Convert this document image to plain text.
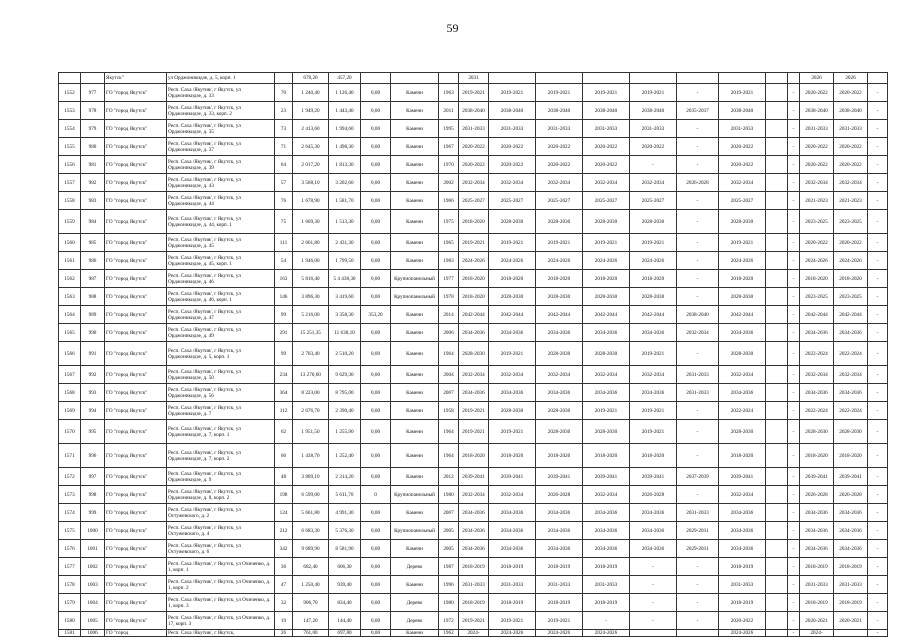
59
		Якутск"	ул Орджоникидзе, д. 5, корп. 1		678,20	457,20				2031									2026	2026	
1552	977	ГО "город Якутск"	Респ. Саха /Якутия/, г Якутск, ул Орджоникидзе, д. 33	70	1 240,40	1 126,40	0,00	Каменн	1963	2019-2021	2019-2021	2019-2021	2019-2021	2019-2021	-	2019-2021		-	2020-2022	2020-2022	-
1553	978	ГО "город Якутск"	Респ. Саха /Якутия/, г Якутск, ул Орджоникидзе, д. 33, корп. 2	23	1 949,20	1 443,40	0,00	Каменн	2011	2038-2040	2038-2040	2038-2040	2038-2040	2038-2040	2035-2037	2038-2040		-	2038-2040	2038-2040	-
1554	979	ГО "город Якутск"	Респ. Саха /Якутия/, г Якутск, ул Орджоникидзе, д. 35	73	2 413,60	1 994,60	0,00	Каменн	1995	2031-2033	2031-2033	2031-2033	2031-2033	2031-2033	-	2031-2033		-	2031-2033	2031-2033	-
1555	980	ГО "город Якутск"	Респ. Саха /Якутия/, г Якутск, ул Орджоникидзе, д. 37	71	2 645,30	1 498,30	0,00	Каменн	1967	2020-2022	2020-2022	2020-2022	2020-2022	2020-2022	-	2020-2022		-	2020-2022	2020-2022	-
1556	981	ГО "город Якутск"	Респ. Саха /Якутия/, г Якутск, ул Орджоникидзе, д. 39	64	2 017,20	1 813,30	0,00	Каменн	1970	2020-2022	2020-2022	2020-2022	2020-2022	-	-	2020-2022		-	2020-2022	2020-2022	-
1557	982	ГО "город Якутск"	Респ. Саха /Якутия/, г Якутск, ул Орджоникидзе, д. 43	57	3 568,10	3 202,60	0,00	Каменн	2002	2032-2034	2032-2034	2032-2034	2032-2034	2032-2034	2026-2028	2032-2034		-	2032-2034	2032-2034	-
1558	983	ГО "город Якутск"	Респ. Саха /Якутия/, г Якутск, ул Орджоникидзе, д. 44	76	1 678,90	1 581,70	0,00	Каменн	1966	2025-2027	2025-2027	2025-2027	2025-2027	2025-2027	-	2025-2027		-	2021-2023	2021-2023	-
1559	984	ГО "город Якутск"	Респ. Саха /Якутия/, г Якутск, ул Орджоникидзе, д. 44, корп. 1	75	1 669,30	1 513,30	0,00	Каменн	1975	2018-2020	2028-2030	2028-2030	2028-2030	2028-2030	-	2028-2030		-	2023-2025	2023-2025	-
1560	985	ГО "город Якутск"	Респ. Саха /Якутия/, г Якутск, ул Орджоникидзе, д. 45	111	2 661,80	2 431,30	0,00	Каменн	1965	2019-2021	2019-2021	2019-2021	2019-2021	2019-2021	-	2019-2021		-	2020-2022	2020-2022	-
1561	986	ГО "город Якутск"	Респ. Саха /Якутия/, г Якутск, ул Орджоникидзе, д. 45, корп. 1	54	1 946,00	1 799,50	0,00	Каменн	1983	2024-2026	2024-2026	2024-2026	2024-2026	2024-2026	-	2024-2026		-	2024-2026	2024-2026	-
1562	987	ГО "город Якутск"	Респ. Саха /Якутия/, г Якутск, ул Орджоникидзе, д. 46	163	5 816,40	5 4 438,30	0,00	Крупнопанельный	1977	2018-2020	2018-2020	2018-2020	2018-2020	2018-2020	-	2018-2020		-	2018-2020	2018-2020	-
1563	988	ГО "город Якутск"	Респ. Саха /Якутия/, г Якутск, ул Орджоникидзе, д. 46, корп. 1	146	3 896,30	3 419,60	0,00	Крупнопанельный	1978	2018-2020	2028-2030	2028-2030	2028-2030	2028-2030	-	2028-2030		-	2023-2025	2023-2025	-
1564	989	ГО "город Якутск"	Респ. Саха /Якутия/, г Якутск, ул Орджоникидзе, д. 47	99	5 216,00	3 358,30	353,20	Каменн	2014	2042-2044	2042-2044	2042-2044	2042-2044	2042-2044	2038-2040	2042-2044		-	2042-2044	2042-2044	-
1565	990	ГО "город Якутск"	Респ. Саха /Якутия/, г Якутск, ул Орджоникидзе, д. 49	291	15 251,35	11 630,10	0,00	Каменн	2006	2034-2036	2034-2036	2034-2036	2034-2036	2034-2036	2032-2034	2034-2036		-	2034-2036	2034-2036	-
1566	991	ГО "город Якутск"	Респ. Саха /Якутия/, г Якутск, ул Орджоникидзе, д. 5, корп. 1	99	2 703,40	2 510,20	0,00	Каменн	1964	2028-2030	2019-2021	2028-2030	2028-2030	2019-2021	-	2028-2030		-	2022-2024	2022-2024	-
1567	992	ГО "город Якутск"	Респ. Саха /Якутия/, г Якутск, ул Орджоникидзе, д. 50	234	13 270,60	9 629,30	0,00	Каменн	2004	2032-2034	2032-2034	2032-2034	2032-2034	2032-2034	2031-2033	2032-2034		-	2032-2034	2032-2034	-
1568	993	ГО "город Якутск"	Респ. Саха /Якутия/, г Якутск, ул Орджоникидзе, д. 56	364	8 223,00	8 795,00	0,00	Каменн	2007	2034-2036	2034-2036	2034-2036	2034-2036	2034-2036	2031-2033	2034-2036		-	2034-2036	2034-2036	-
1569	994	ГО "город Якутск"	Респ. Саха /Якутия/, г Якутск, ул Орджоникидзе, д. 7	112	2 676,70	2 390,40	0,00	Каменн	1958	2019-2021	2028-2030	2028-2030	2019-2021	2019-2021	-	2022-2024		-	2022-2024	2022-2024	-
1570	995	ГО "город Якутск"	Респ. Саха /Якутия/, г Якутск, ул Орджоникидзе, д. 7, корп. 1	62	1 951,50	1 255,90	0,00	Каменн	1964	2019-2021	2019-2021	2028-2030	2028-2030	2019-2021	-	2028-2030		-	2028-2030	2028-2030	-
1571	996	ГО "город Якутск"	Респ. Саха /Якутия/, г Якутск, ул Орджоникидзе, д. 7, корп. 2	60	1 438,70	1 252,40	0,00	Каменн	1964	2018-2020	2018-2020	2018-2020	2018-2020	2018-2020	-	2018-2020		-	2018-2020	2018-2020	-
1572	997	ГО "город Якутск"	Респ. Саха /Якутия/, г Якутск, ул Орджоникидзе, д. 9	48	3 809,10	2 314,20	0,00	Каменн	2012	2039-2041	2039-2041	2039-2041	2039-2041	2039-2041	2037-2039	2039-2041		-	2039-2041	2039-2041	-
1573	998	ГО "город Якутск"	Респ. Саха /Якутия/, г Якутск, ул Орджоникидзе, д. 8, корп. 2	198	6 599,00	5 611,70	0	Крупнопанельный	1980	2032-2034	2032-2034	2026-2028	2032-2034	2026-2028	-	2032-2034		-	2026-2028	2026-2028	-
1574	999	ГО "город Якутск"	Респ. Саха /Якутия/, г Якутск, ул Остужевского, д. 2	124	5 661,80	4 991,30	0,00	Каменн	2007	2034-2036	2034-2036	2034-2036	2034-2036	2034-2036	2031-2033	2034-2036		-	2034-2036	2034-2036	-
1575	1000	ГО "город Якутск"	Респ. Саха /Якутия/, г Якутск, ул Остужевского, д. 4	212	6 683,30	5 376,30	0,00	Крупнопанельный	2005	2034-2036	2034-2036	2034-2036	2034-2036	2034-2036	2029-2031	2034-2036		-	2034-2036	2034-2036	-
1576	1001	ГО "город Якутск"	Респ. Саха /Якутия/, г Якутск, ул Остужевского, д. 6	342	9 689,90	8 581,90	0,00	Каменн	2005	2034-2036	2034-2036	2034-2036	2034-2036	2034-2036	2029-2031	2034-2036		-	2034-2036	2034-2036	-
1577	1002	ГО "город Якутск"	Респ. Саха /Якутия/, г Якутск, ул Очиченко, д. 1, корп. 1	36	682,40	606,30	0,00	Дерево	1987	2018-2019	2018-2019	2018-2019	2018-2019	-	-	2018-2019		-	2018-2019	2018-2019	-
1578	1003	ГО "город Якутск"	Респ. Саха /Якутия/, г Якутск, ул Очиченко, д. 1, корп. 2	47	1 250,40	939,40	0,00	Каменн	1996	2031-2033	2031-2033	2031-2033	2031-2033	-	-	2031-2033		-	2031-2033	2031-2033	-
1579	1004	ГО "город Якутск"	Респ. Саха /Якутия/, г Якутск, ул Очиченко, д. 1, корп. 3	32	906,70	834,40	0,00	Дерево	1980	2018-2019	2018-2019	2018-2019	2018-2019	-	-	2018-2019		-	2018-2019	2018-2019	-
1580	1005	ГО "город Якутск"	Респ. Саха /Якутия/, г Якутск, ул Очиченко, д. 17, корп. 3	19	147,20	144,40	0,00	Дерево	1972	2019-2021	2019-2021	2019-2021	-	-	-	2020-2022		-	2020-2021	2020-2021	-
1581	1006	ГО "город	Респ. Саха /Якутия/, г Якутск,	26	761,00	697,80	0,00	Каменн	1962	2024-	2024-2026	2024-2026	2024-2026			2024-2026		-	2024-		-
